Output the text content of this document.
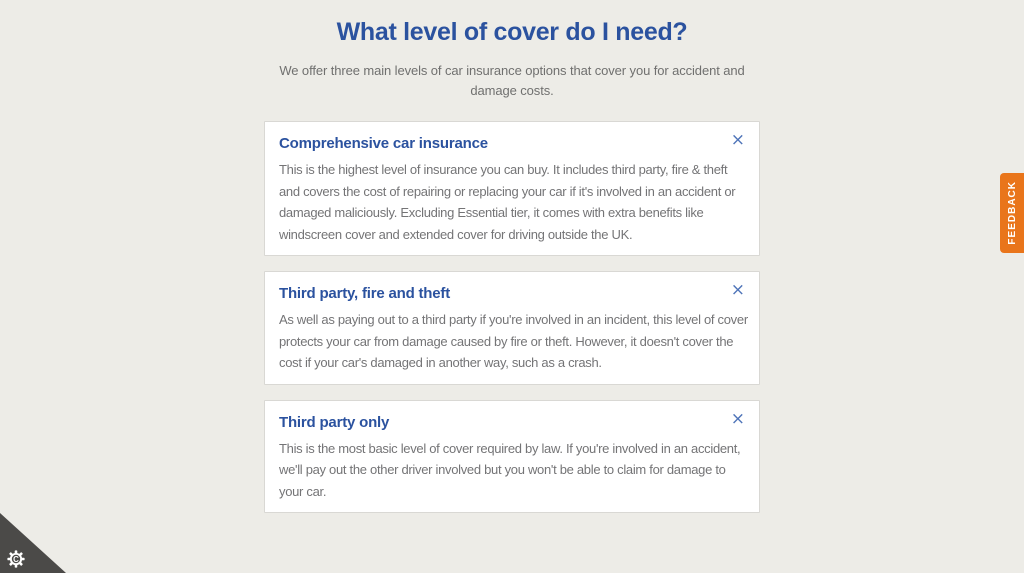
What level of cover do I need?

We offer three main levels of car insurance options that cover you for accident and damage costs.

Comprehensive car insurance	×

This is the highest level of insurance you can buy. It includes third party, fire & theft and covers the cost of repairing or replacing your car if it's involved in an accident or damaged maliciously. Excluding Essential tier, it comes with extra benefits like windscreen cover and extended cover for driving outside the UK.

Third party, fire and theft	×

As well as paying out to a third party if you're involved in an incident, this level of cover protects your car from damage caused by fire or theft. However, it doesn't cover the cost if your car's damaged in another way, such as a crash.

Third party only	×

This is the most basic level of cover required by law. If you're involved in an accident, we'll pay out the other driver involved but you won't be able to claim for damage to your car.

FEEDBACK
C
